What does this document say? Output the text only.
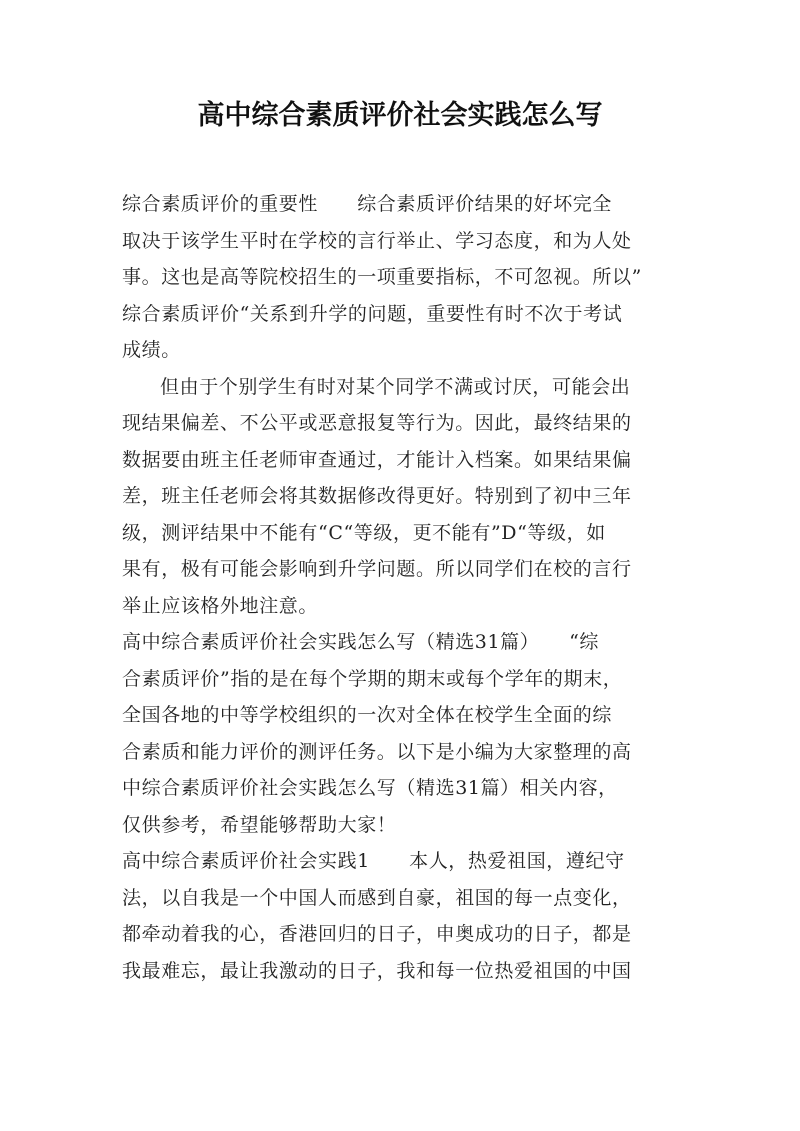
高中综合素质评价社会实践怎么写
综合素质评价的重要性　　综合素质评价结果的好坏完全
取决于该学生平时在学校的言行举止、学习态度，和为人处
事。这也是高等院校招生的一项重要指标，不可忽视。所以”
综合素质评价“关系到升学的问题，重要性有时不次于考试
成绩。
但由于个别学生有时对某个同学不满或讨厌，可能会出
现结果偏差、不公平或恶意报复等行为。因此，最终结果的
数据要由班主任老师审查通过，才能计入档案。如果结果偏
差，班主任老师会将其数据修改得更好。特别到了初中三年
级，测评结果中不能有“C“等级，更不能有”D“等级，如
果有，极有可能会影响到升学问题。所以同学们在校的言行
举止应该格外地注意。
高中综合素质评价社会实践怎么写（精选31篇）　　“综
合素质评价”指的是在每个学期的期末或每个学年的期末，
全国各地的中等学校组织的一次对全体在校学生全面的综
合素质和能力评价的测评任务。以下是小编为大家整理的高
中综合素质评价社会实践怎么写（精选31篇）相关内容，
仅供参考，希望能够帮助大家！
高中综合素质评价社会实践1　　本人，热爱祖国，遵纪守
法，以自我是一个中国人而感到自豪，祖国的每一点变化，
都牵动着我的心，香港回归的日子，申奥成功的日子，都是
我最难忘，最让我激动的日子，我和每一位热爱祖国的中国
